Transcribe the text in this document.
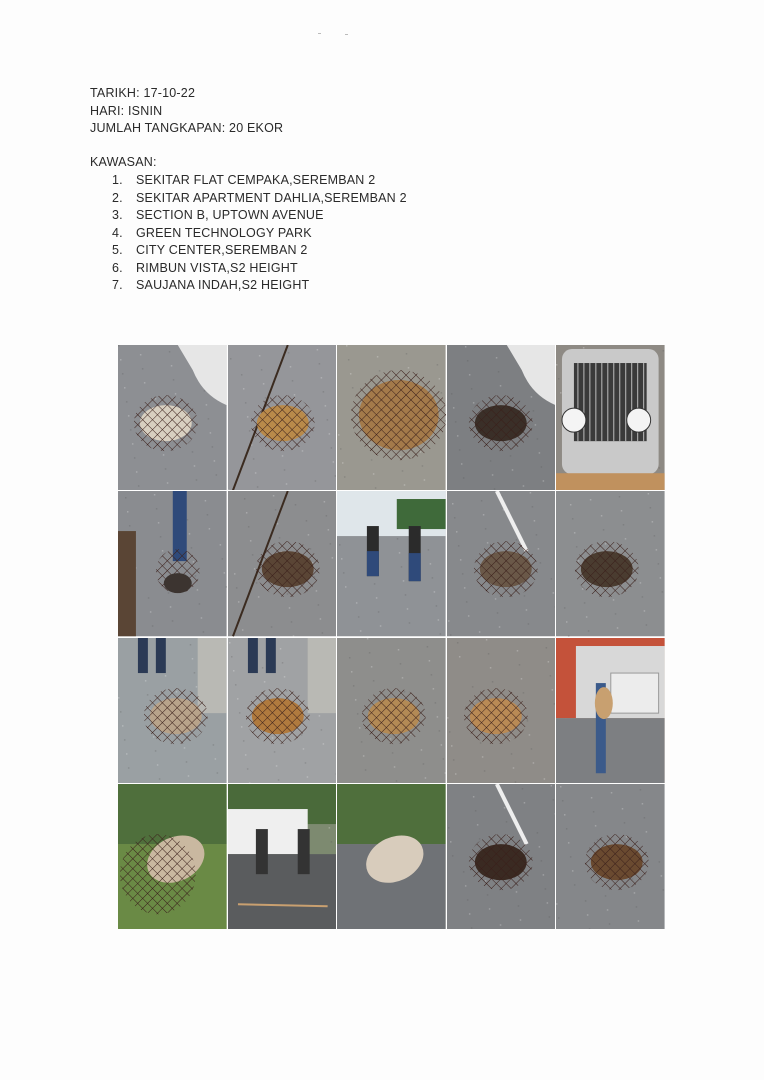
TARIKH: 17-10-22
HARI: ISNIN
JUMLAH TANGKAPAN: 20 EKOR
KAWASAN:
1.	SEKITAR FLAT CEMPAKA,SEREMBAN 2
2.	SEKITAR APARTMENT DAHLIA,SEREMBAN 2
3.	SECTION B, UPTOWN AVENUE
4.	GREEN TECHNOLOGY PARK
5.	CITY CENTER,SEREMBAN 2
6.	RIMBUN VISTA,S2 HEIGHT
7.	SAUJANA INDAH,S2 HEIGHT
